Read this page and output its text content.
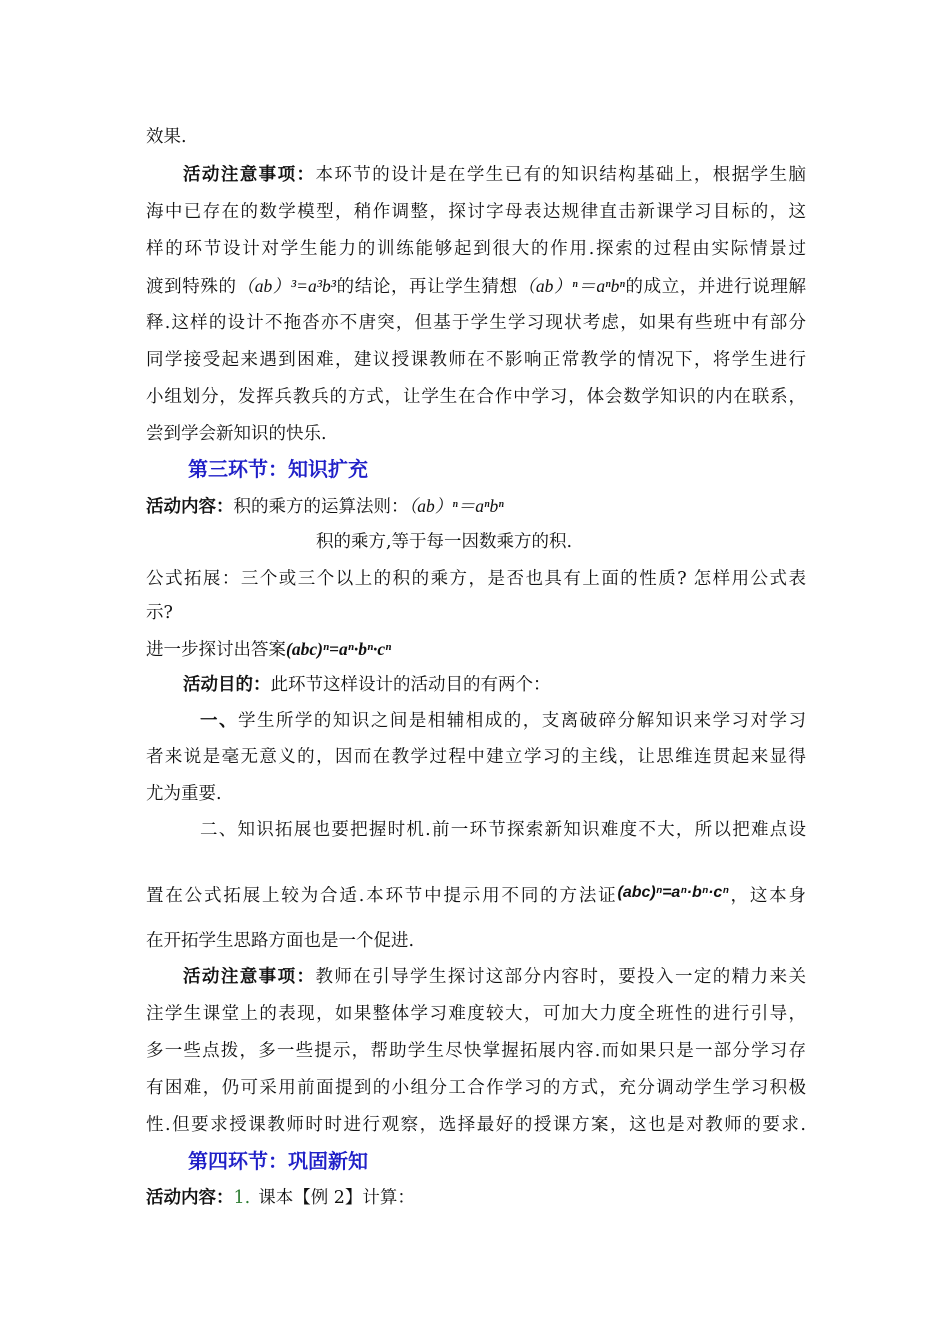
效果.
活动注意事项：本环节的设计是在学生已有的知识结构基础上，根据学生脑
海中已存在的数学模型，稍作调整，探讨字母表达规律直击新课学习目标的，这
样的环节设计对学生能力的训练能够起到很大的作用.探索的过程由实际情景过
渡到特殊的（ab）³=a³b³的结论，再让学生猜想（ab）ⁿ＝aⁿbⁿ的成立，并进行说理解
释.这样的设计不拖沓亦不唐突，但基于学生学习现状考虑，如果有些班中有部分
同学接受起来遇到困难，建议授课教师在不影响正常教学的情况下，将学生进行
小组划分，发挥兵教兵的方式，让学生在合作中学习，体会数学知识的内在联系，
尝到学会新知识的快乐.
第三环节：知识扩充
活动内容：积的乘方的运算法则：（ab）ⁿ＝aⁿbⁿ
积的乘方,等于每一因数乘方的积.
公式拓展：三个或三个以上的积的乘方，是否也具有上面的性质? 怎样用公式表
示?
进一步探讨出答案(abc)ⁿ=aⁿ·bⁿ·cⁿ
活动目的：此环节这样设计的活动目的有两个：
一、学生所学的知识之间是相辅相成的，支离破碎分解知识来学习对学习
者来说是毫无意义的，因而在教学过程中建立学习的主线，让思维连贯起来显得
尤为重要.
二、知识拓展也要把握时机.前一环节探索新知识难度不大，所以把难点设
置在公式拓展上较为合适.本环节中提示用不同的方法证(abc)ⁿ=aⁿ·bⁿ·cⁿ，这本身
在开拓学生思路方面也是一个促进.
活动注意事项：教师在引导学生探讨这部分内容时，要投入一定的精力来关
注学生课堂上的表现，如果整体学习难度较大，可加大力度全班性的进行引导，
多一些点拨，多一些提示，帮助学生尽快掌握拓展内容.而如果只是一部分学习存
有困难，仍可采用前面提到的小组分工合作学习的方式，充分调动学生学习积极
性.但要求授课教师时时进行观察，选择最好的授课方案，这也是对教师的要求.
第四环节：巩固新知
活动内容：1. 课本【例 2】计算：
